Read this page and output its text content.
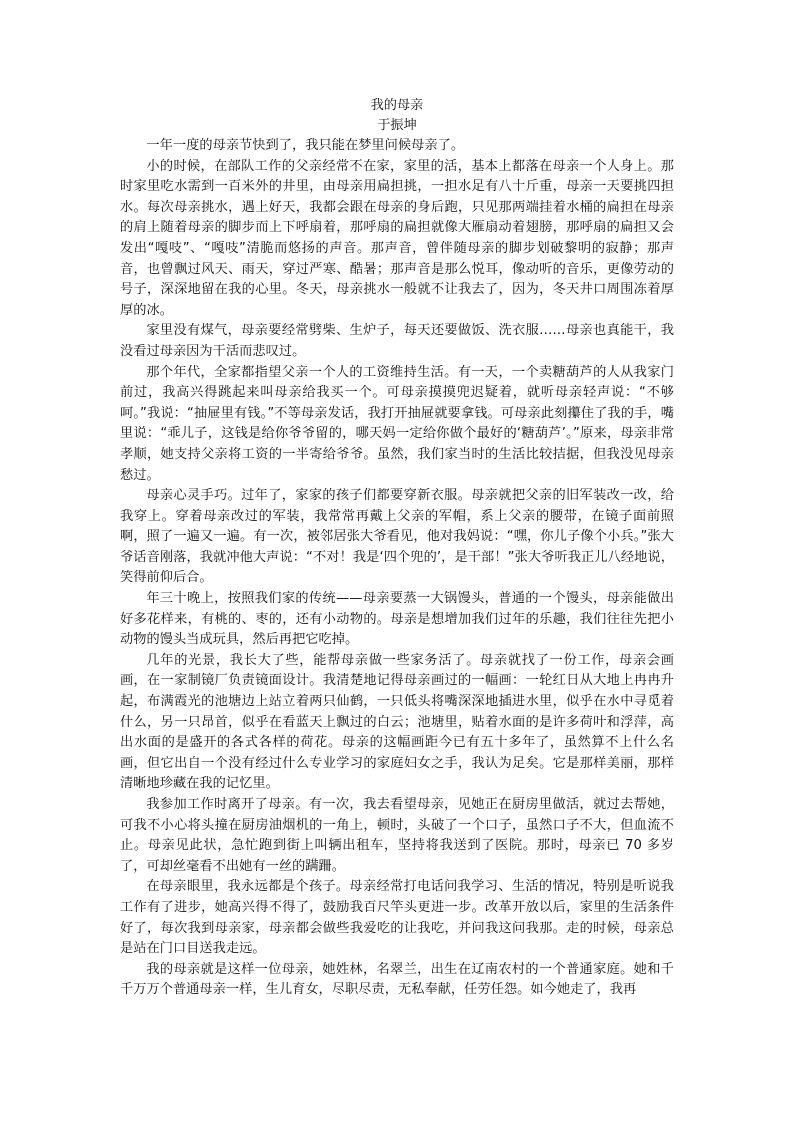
我的母亲
于振坤

一年一度的母亲节快到了，我只能在梦里问候母亲了。

小的时候，在部队工作的父亲经常不在家，家里的活，基本上都落在母亲一个人身上。那时家里吃水需到一百米外的井里，由母亲用扁担挑，一担水足有八十斤重，母亲一天要挑四担水。每次母亲挑水，遇上好天，我都会跟在母亲的身后跑，只见那两端挂着水桶的扁担在母亲的肩上随着母亲的脚步而上下呼扇着，那呼扇的扁担就像大雁扇动着翅膀，那呼扇的扁担又会发出“嘎吱”、“嘎吱”清脆而悠扬的声音。那声音，曾伴随母亲的脚步划破黎明的寂静；那声音，也曾飘过风天、雨天，穿过严寒、酷暑；那声音是那么悦耳，像动听的音乐，更像劳动的号子，深深地留在我的心里。冬天，母亲挑水一般就不让我去了，因为，冬天井口周围冻着厚厚的冰。

家里没有煤气，母亲要经常劈柴、生炉子，每天还要做饭、洗衣服……母亲也真能干，我没看过母亲因为干活而悲叹过。

那个年代，全家都指望父亲一个人的工资维持生活。有一天，一个卖糖葫芦的人从我家门前过，我高兴得跳起来叫母亲给我买一个。可母亲摸摸兜迟疑着，就听母亲轻声说：“不够呵。”我说：“抽屉里有钱。”不等母亲发话，我打开抽屉就要拿钱。可母亲此刻攥住了我的手，嘴里说：“乖儿子，这钱是给你爷爷留的，哪天妈一定给你做个最好的‘糖葫芦’。”原来，母亲非常孝顺，她支持父亲将工资的一半寄给爷爷。虽然，我们家当时的生活比较拮据，但我没见母亲愁过。

母亲心灵手巧。过年了，家家的孩子们都要穿新衣服。母亲就把父亲的旧军装改一改，给我穿上。穿着母亲改过的军装，我常常再戴上父亲的军帽，系上父亲的腰带，在镜子面前照啊，照了一遍又一遍。有一次，被邻居张大爷看见，他对我妈说：“嘿，你儿子像个小兵。”张大爷话音刚落，我就冲他大声说：“不对！我是‘四个兜的’，是干部！”张大爷听我正儿八经地说，笑得前仰后合。

年三十晚上，按照我们家的传统——母亲要蒸一大锅馒头，普通的一个馒头，母亲能做出好多花样来，有桃的、枣的，还有小动物的。母亲是想增加我们过年的乐趣，我们往往先把小动物的馒头当成玩具，然后再把它吃掉。

几年的光景，我长大了些，能帮母亲做一些家务活了。母亲就找了一份工作，母亲会画画，在一家制镜厂负责镜面设计。我清楚地记得母亲画过的一幅画：一轮红日从大地上冉冉升起，布满霞光的池塘边上站立着两只仙鹤，一只低头将嘴深深地插进水里，似乎在水中寻觅着什么，另一只昂首，似乎在看蓝天上飘过的白云；池塘里，贴着水面的是许多荷叶和浮萍，高出水面的是盛开的各式各样的荷花。母亲的这幅画距今已有五十多年了，虽然算不上什么名画，但它出自一个没有经过什么专业学习的家庭妇女之手，我认为足矣。它是那样美丽，那样清晰地珍藏在我的记忆里。

我参加工作时离开了母亲。有一次，我去看望母亲，见她正在厨房里做活，就过去帮她，可我不小心将头撞在厨房油烟机的一角上，顿时，头破了一个口子，虽然口子不大，但血流不止。母亲见此状，急忙跑到街上叫辆出租车，坚持将我送到了医院。那时，母亲已 70 多岁了，可却丝毫看不出她有一丝的蹒跚。

在母亲眼里，我永远都是个孩子。母亲经常打电话问我学习、生活的情况，特别是听说我工作有了进步，她高兴得不得了，鼓励我百尺竿头更进一步。改革开放以后，家里的生活条件好了，每次我到母亲家，母亲都会做些我爱吃的让我吃，并问我这问我那。走的时候，母亲总是站在门口目送我走远。

我的母亲就是这样一位母亲，她姓林，名翠兰，出生在辽南农村的一个普通家庭。她和千千万万个普通母亲一样，生儿育女，尽职尽责，无私奉献，任劳任怨。如今她走了，我再
